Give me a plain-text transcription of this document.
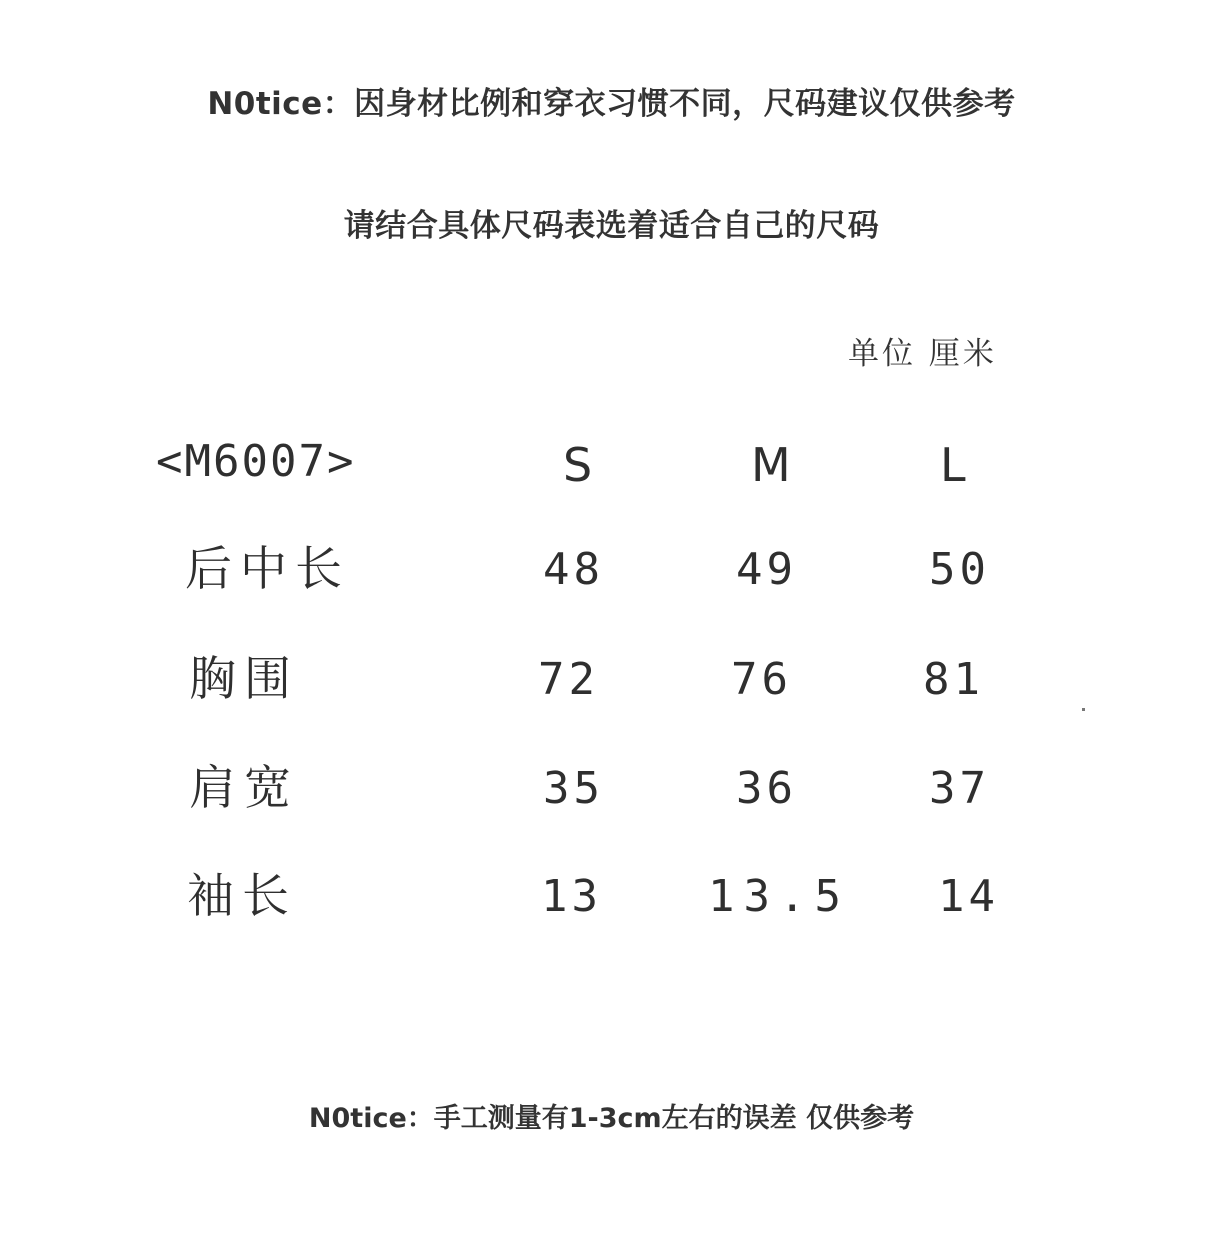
N0tice：因身材比例和穿衣习惯不同，尺码建议仅供参考
请结合具体尺码表选着适合自己的尺码
单位 厘米
<M6007>	S	M	L
后中长	48	49	50
胸围	72	76	81
肩宽	35	36	37
袖长	13 13.5 14
N0tice：手工测量有1-3cm左右的误差 仅供参考
